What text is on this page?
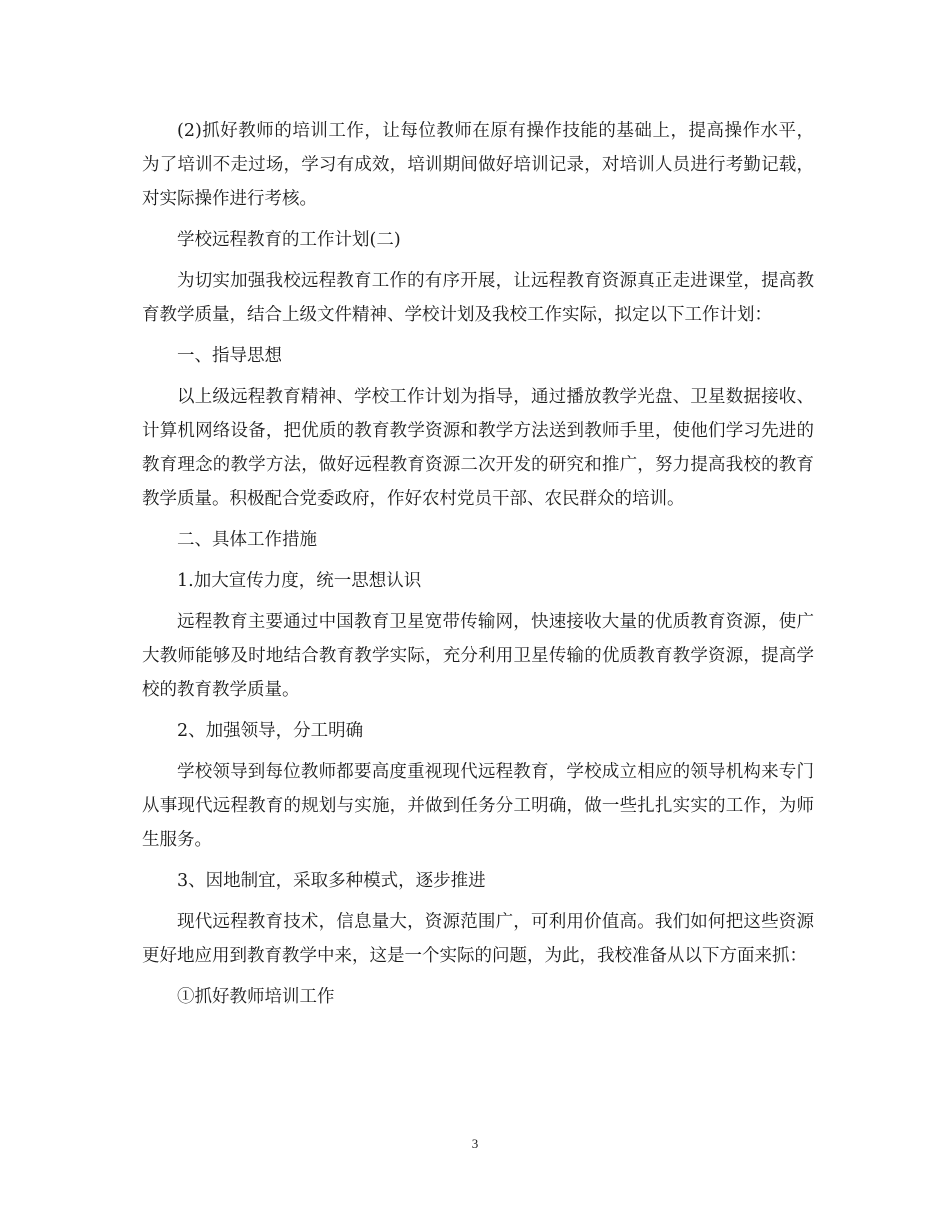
(2)抓好教师的培训工作，让每位教师在原有操作技能的基础上，提高操作水平，为了培训不走过场，学习有成效，培训期间做好培训记录，对培训人员进行考勤记载，对实际操作进行考核。

学校远程教育的工作计划(二)

为切实加强我校远程教育工作的有序开展，让远程教育资源真正走进课堂，提高教育教学质量，结合上级文件精神、学校计划及我校工作实际，拟定以下工作计划：

一、指导思想

以上级远程教育精神、学校工作计划为指导，通过播放教学光盘、卫星数据接收、计算机网络设备，把优质的教育教学资源和教学方法送到教师手里，使他们学习先进的教育理念的教学方法，做好远程教育资源二次开发的研究和推广，努力提高我校的教育教学质量。积极配合党委政府，作好农村党员干部、农民群众的培训。

二、具体工作措施

1.加大宣传力度，统一思想认识

远程教育主要通过中国教育卫星宽带传输网，快速接收大量的优质教育资源，使广大教师能够及时地结合教育教学实际，充分利用卫星传输的优质教育教学资源，提高学校的教育教学质量。

2、加强领导，分工明确

学校领导到每位教师都要高度重视现代远程教育，学校成立相应的领导机构来专门从事现代远程教育的规划与实施，并做到任务分工明确，做一些扎扎实实的工作，为师生服务。

3、因地制宜，采取多种模式，逐步推进

现代远程教育技术，信息量大，资源范围广，可利用价值高。我们如何把这些资源更好地应用到教育教学中来，这是一个实际的问题，为此，我校准备从以下方面来抓：

①抓好教师培训工作

3
